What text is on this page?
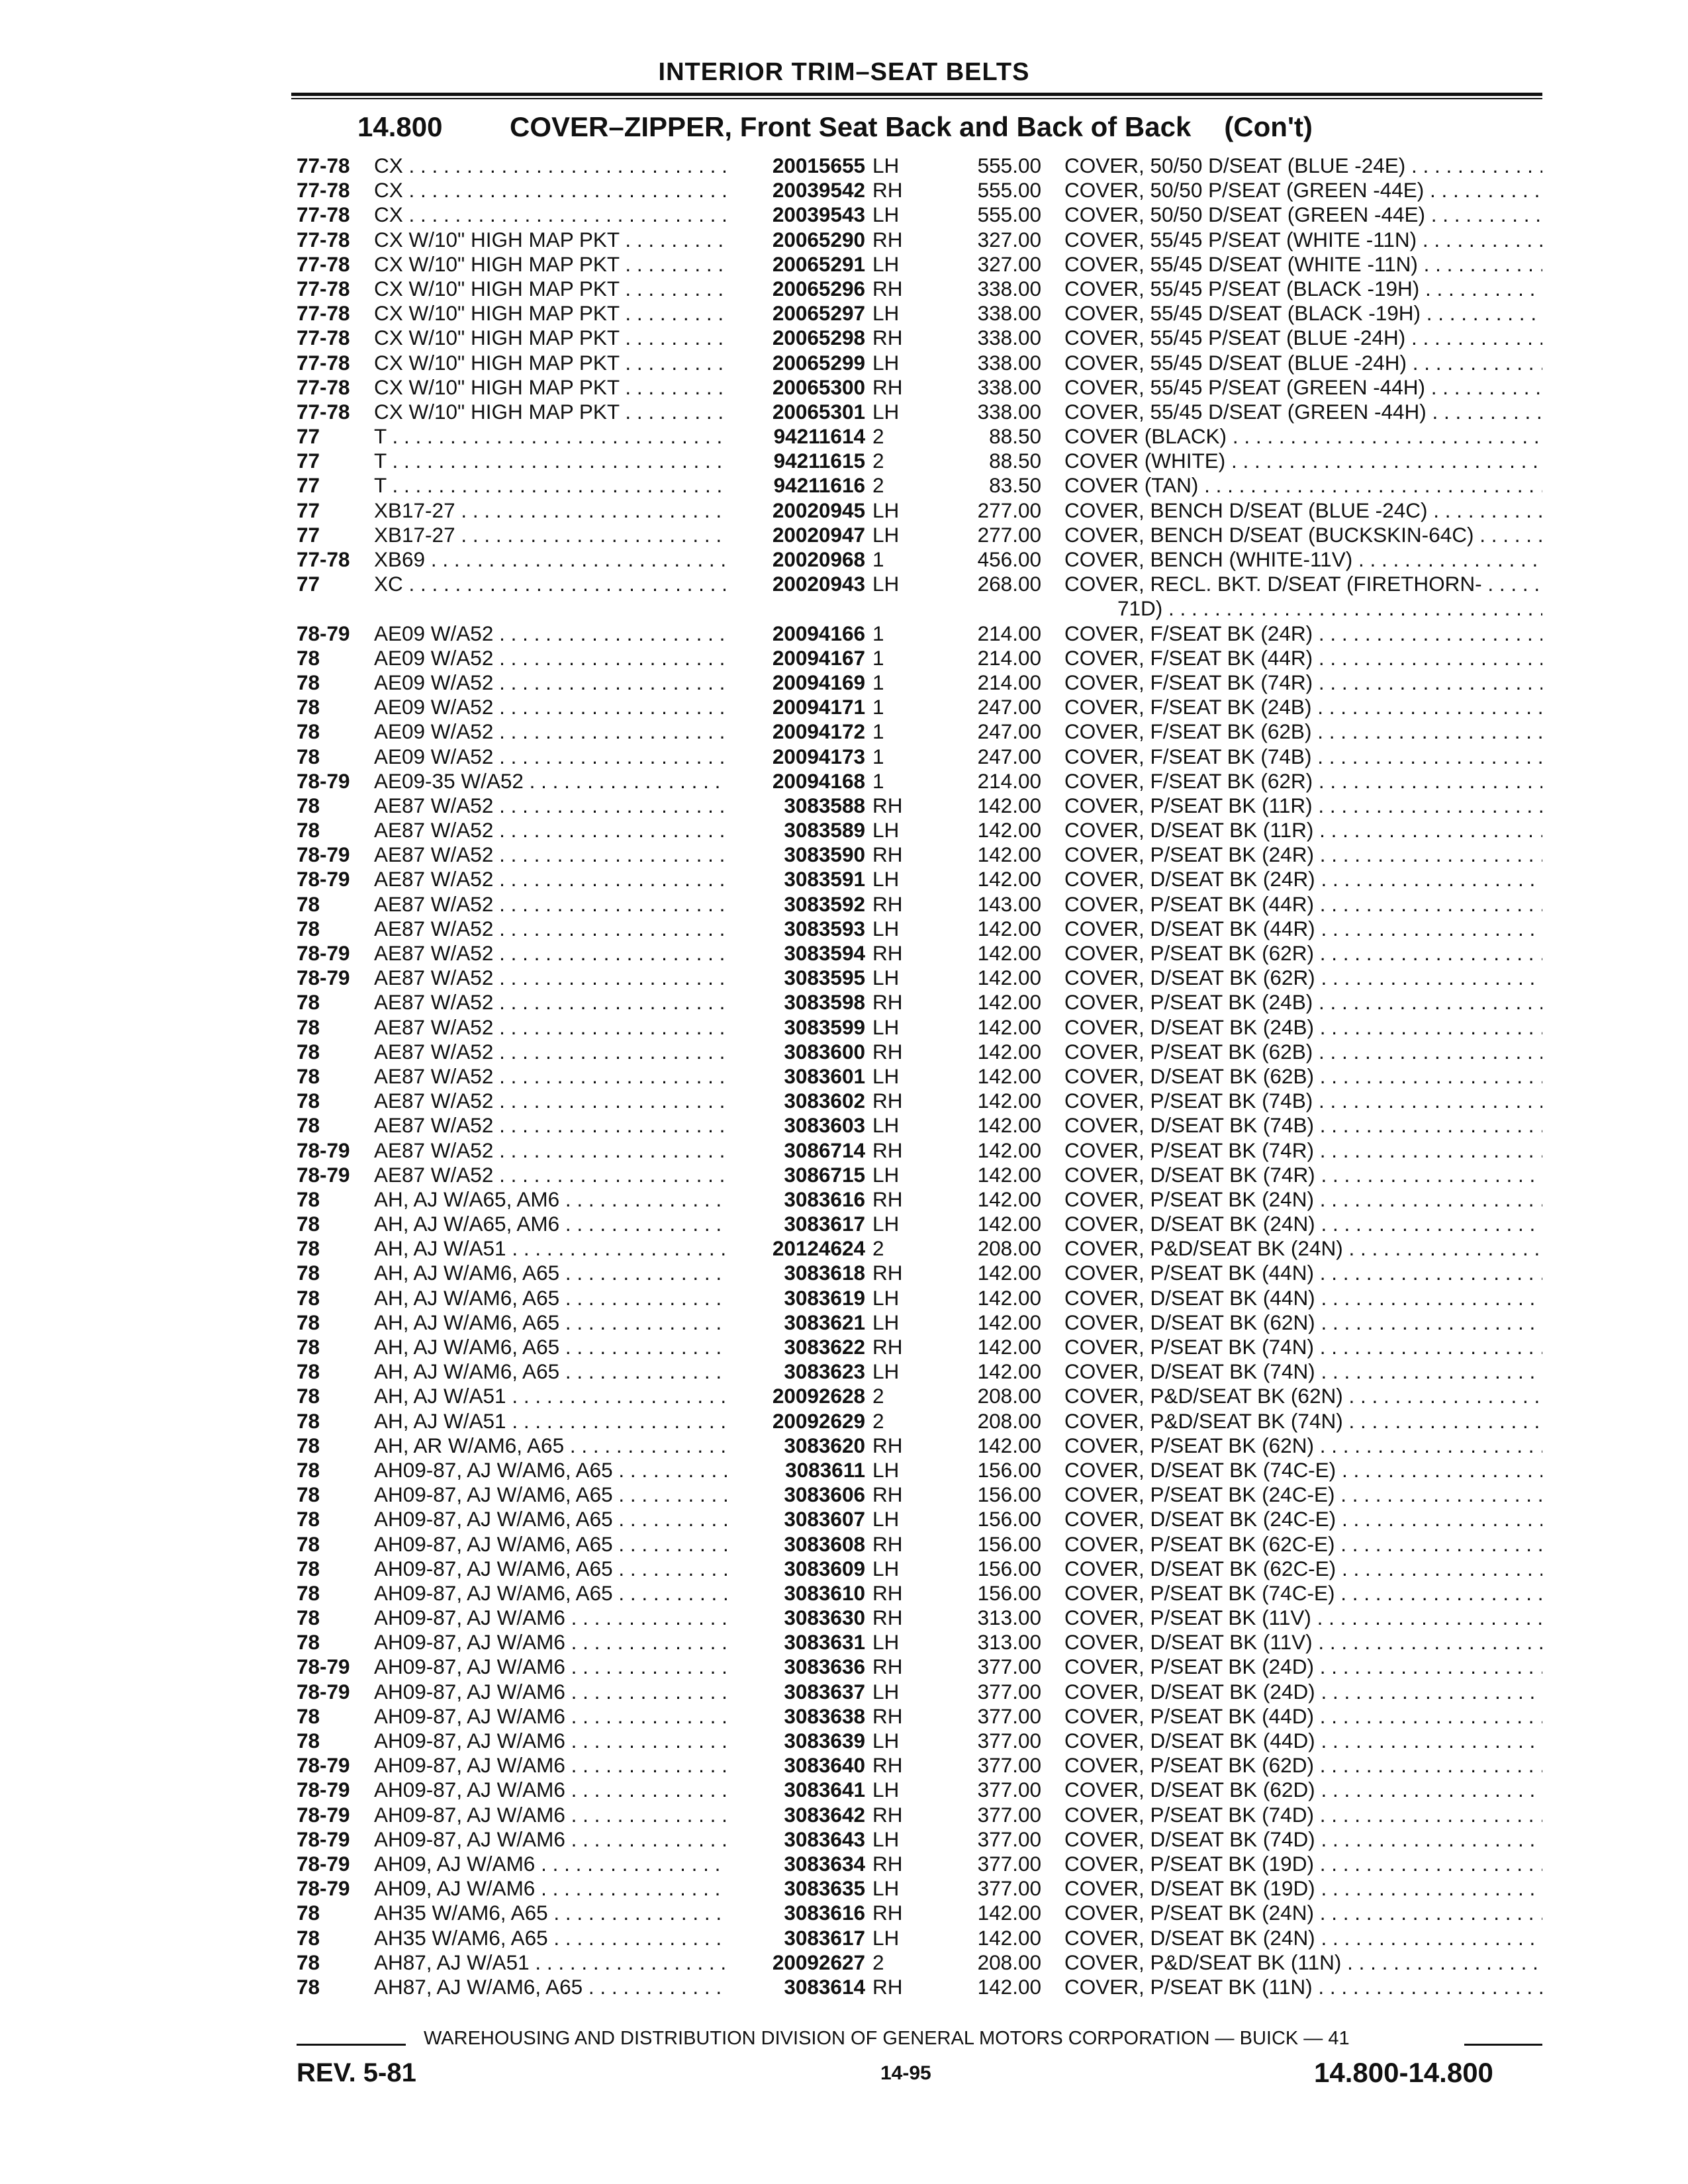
INTERIOR TRIM–SEAT BELTS
14.800 COVER–ZIPPER, Front Seat Back and Back of Back (Con't)
77-78 CX . . .	20015655 LH	555.00 COVER, 50/50 D/SEAT (BLUE -24E) . . .
77-78 CX . . .	20039542 RH	555.00 COVER, 50/50 P/SEAT (GREEN -44E) . . .
77-78 CX . . .	20039543 LH	555.00 COVER, 50/50 D/SEAT (GREEN -44E) . . .
77-78 CX W/10" HIGH MAP PKT . . .	20065290 RH	327.00 COVER, 55/45 P/SEAT (WHITE -11N) . . .
77-78 CX W/10" HIGH MAP PKT . . .	20065291 LH	327.00 COVER, 55/45 D/SEAT (WHITE -11N) . . .
77-78 CX W/10" HIGH MAP PKT . . .	20065296 RH	338.00 COVER, 55/45 P/SEAT (BLACK -19H) . . .
77-78 CX W/10" HIGH MAP PKT . . .	20065297 LH	338.00 COVER, 55/45 D/SEAT (BLACK -19H) . . .
77-78 CX W/10" HIGH MAP PKT . . .	20065298 RH	338.00 COVER, 55/45 P/SEAT (BLUE -24H) . . .
77-78 CX W/10" HIGH MAP PKT . . .	20065299 LH	338.00 COVER, 55/45 D/SEAT (BLUE -24H) . . .
77-78 CX W/10" HIGH MAP PKT . . .	20065300 RH	338.00 COVER, 55/45 P/SEAT (GREEN -44H) . . .
77-78 CX W/10" HIGH MAP PKT . . .	20065301 LH	338.00 COVER, 55/45 D/SEAT (GREEN -44H) . . .
77	T . . .	94211614 2	88.50 COVER (BLACK) . . .
77	T . . .	94211615 2	88.50 COVER (WHITE) . . .
77	T . . .	94211616 2	83.50 COVER (TAN) . . .
77	XB17-27 . . .	20020945 LH	277.00 COVER, BENCH D/SEAT (BLUE -24C) . . .
77	XB17-27 . . .	20020947 LH	277.00 COVER, BENCH D/SEAT (BUCKSKIN-64C) . . .
77-78 XB69 . . .	20020968 1	456.00 COVER, BENCH (WHITE-11V) . . .
77	XC . . .	20020943 LH	268.00 COVER, RECL. BKT. D/SEAT (FIRETHORN- . . .
71D) . . .
78-79 AE09 W/A52 . . .	20094166 1	214.00 COVER, F/SEAT BK (24R) . . .
78	AE09 W/A52 . . .	20094167 1	214.00 COVER, F/SEAT BK (44R) . . .
78	AE09 W/A52 . . .	20094169 1	214.00 COVER, F/SEAT BK (74R) . . .
78	AE09 W/A52 . . .	20094171 1	247.00 COVER, F/SEAT BK (24B) . . .
78	AE09 W/A52 . . .	20094172 1	247.00 COVER, F/SEAT BK (62B) . . .
78	AE09 W/A52 . . .	20094173 1	247.00 COVER, F/SEAT BK (74B) . . .
78-79 AE09-35 W/A52 . . .	20094168 1	214.00 COVER, F/SEAT BK (62R) . . .
78	AE87 W/A52 . . .	3083588 RH	142.00 COVER, P/SEAT BK (11R) . . .
78	AE87 W/A52 . . .	3083589 LH	142.00 COVER, D/SEAT BK (11R) . . .
78-79 AE87 W/A52 . . .	3083590 RH	142.00 COVER, P/SEAT BK (24R) . . .
78-79 AE87 W/A52 . . .	3083591 LH	142.00 COVER, D/SEAT BK (24R) . . .
78	AE87 W/A52 . . .	3083592 RH	143.00 COVER, P/SEAT BK (44R) . . .
78	AE87 W/A52 . . .	3083593 LH	142.00 COVER, D/SEAT BK (44R) . . .
78-79 AE87 W/A52 . . .	3083594 RH	142.00 COVER, P/SEAT BK (62R) . . .
78-79 AE87 W/A52 . . .	3083595 LH	142.00 COVER, D/SEAT BK (62R) . . .
78	AE87 W/A52 . . .	3083598 RH	142.00 COVER, P/SEAT BK (24B) . . .
78	AE87 W/A52 . . .	3083599 LH	142.00 COVER, D/SEAT BK (24B) . . .
78	AE87 W/A52 . . .	3083600 RH	142.00 COVER, P/SEAT BK (62B) . . .
78	AE87 W/A52 . . .	3083601 LH	142.00 COVER, D/SEAT BK (62B) . . .
78	AE87 W/A52 . . .	3083602 RH	142.00 COVER, P/SEAT BK (74B) . . .
78	AE87 W/A52 . . .	3083603 LH	142.00 COVER, D/SEAT BK (74B) . . .
78-79 AE87 W/A52 . . .	3086714 RH	142.00 COVER, P/SEAT BK (74R) . . .
78-79 AE87 W/A52 . . .	3086715 LH	142.00 COVER, D/SEAT BK (74R) . . .
78	AH, AJ W/A65, AM6 . . .	3083616 RH	142.00 COVER, P/SEAT BK (24N) . . .
78	AH, AJ W/A65, AM6 . . .	3083617 LH	142.00 COVER, D/SEAT BK (24N) . . .
78	AH, AJ W/A51 . . .	20124624 2	208.00 COVER, P&D/SEAT BK (24N) . . .
78	AH, AJ W/AM6, A65 . . .	3083618 RH	142.00 COVER, P/SEAT BK (44N) . . .
78	AH, AJ W/AM6, A65 . . .	3083619 LH	142.00 COVER, D/SEAT BK (44N) . . .
78	AH, AJ W/AM6, A65 . . .	3083621 LH	142.00 COVER, D/SEAT BK (62N) . . .
78	AH, AJ W/AM6, A65 . . .	3083622 RH	142.00 COVER, P/SEAT BK (74N) . . .
78	AH, AJ W/AM6, A65 . . .	3083623 LH	142.00 COVER, D/SEAT BK (74N) . . .
78	AH, AJ W/A51 . . .	20092628 2	208.00 COVER, P&D/SEAT BK (62N) . . .
78	AH, AJ W/A51 . . .	20092629 2	208.00 COVER, P&D/SEAT BK (74N) . . .
78	AH, AR W/AM6, A65 . . .	3083620 RH	142.00 COVER, P/SEAT BK (62N) . . .
78	AH09-87, AJ W/AM6, A65 . . .	3083611 LH	156.00 COVER, D/SEAT BK (74C-E) . . .
78	AH09-87, AJ W/AM6, A65 . . .	3083606 RH	156.00 COVER, P/SEAT BK (24C-E) . . .
78	AH09-87, AJ W/AM6, A65 . . .	3083607 LH	156.00 COVER, D/SEAT BK (24C-E) . . .
78	AH09-87, AJ W/AM6, A65 . . .	3083608 RH	156.00 COVER, P/SEAT BK (62C-E) . . .
78	AH09-87, AJ W/AM6, A65 . . .	3083609 LH	156.00 COVER, D/SEAT BK (62C-E) . . .
78	AH09-87, AJ W/AM6, A65 . . .	3083610 RH	156.00 COVER, P/SEAT BK (74C-E) . . .
78	AH09-87, AJ W/AM6 . . .	3083630 RH	313.00 COVER, P/SEAT BK (11V) . . .
78	AH09-87, AJ W/AM6 . . .	3083631 LH	313.00 COVER, D/SEAT BK (11V) . . .
78-79 AH09-87, AJ W/AM6 . . .	3083636 RH	377.00 COVER, P/SEAT BK (24D) . . .
78-79 AH09-87, AJ W/AM6 . . .	3083637 LH	377.00 COVER, D/SEAT BK (24D) . . .
78	AH09-87, AJ W/AM6 . . .	3083638 RH	377.00 COVER, P/SEAT BK (44D) . . .
78	AH09-87, AJ W/AM6 . . .	3083639 LH	377.00 COVER, D/SEAT BK (44D) . . .
78-79 AH09-87, AJ W/AM6 . . .	3083640 RH	377.00 COVER, P/SEAT BK (62D) . . .
78-79 AH09-87, AJ W/AM6 . . .	3083641 LH	377.00 COVER, D/SEAT BK (62D) . . .
78-79 AH09-87, AJ W/AM6 . . .	3083642 RH	377.00 COVER, P/SEAT BK (74D) . . .
78-79 AH09-87, AJ W/AM6 . . .	3083643 LH	377.00 COVER, D/SEAT BK (74D) . . .
78-79 AH09, AJ W/AM6 . . .	3083634 RH	377.00 COVER, P/SEAT BK (19D) . . .
78-79 AH09, AJ W/AM6 . . .	3083635 LH	377.00 COVER, D/SEAT BK (19D) . . .
78	AH35 W/AM6, A65 . . .	3083616 RH	142.00 COVER, P/SEAT BK (24N) . . .
78	AH35 W/AM6, A65 . . .	3083617 LH	142.00 COVER, D/SEAT BK (24N) . . .
78	AH87, AJ W/A51 . . .	20092627 2	208.00 COVER, P&D/SEAT BK (11N) . . .
78	AH87, AJ W/AM6, A65 . . .	3083614 RH	142.00 COVER, P/SEAT BK (11N) . . .
WAREHOUSING AND DISTRIBUTION DIVISION OF GENERAL MOTORS CORPORATION — BUICK — 41
REV. 5-81	14-95	14.800-14.800
